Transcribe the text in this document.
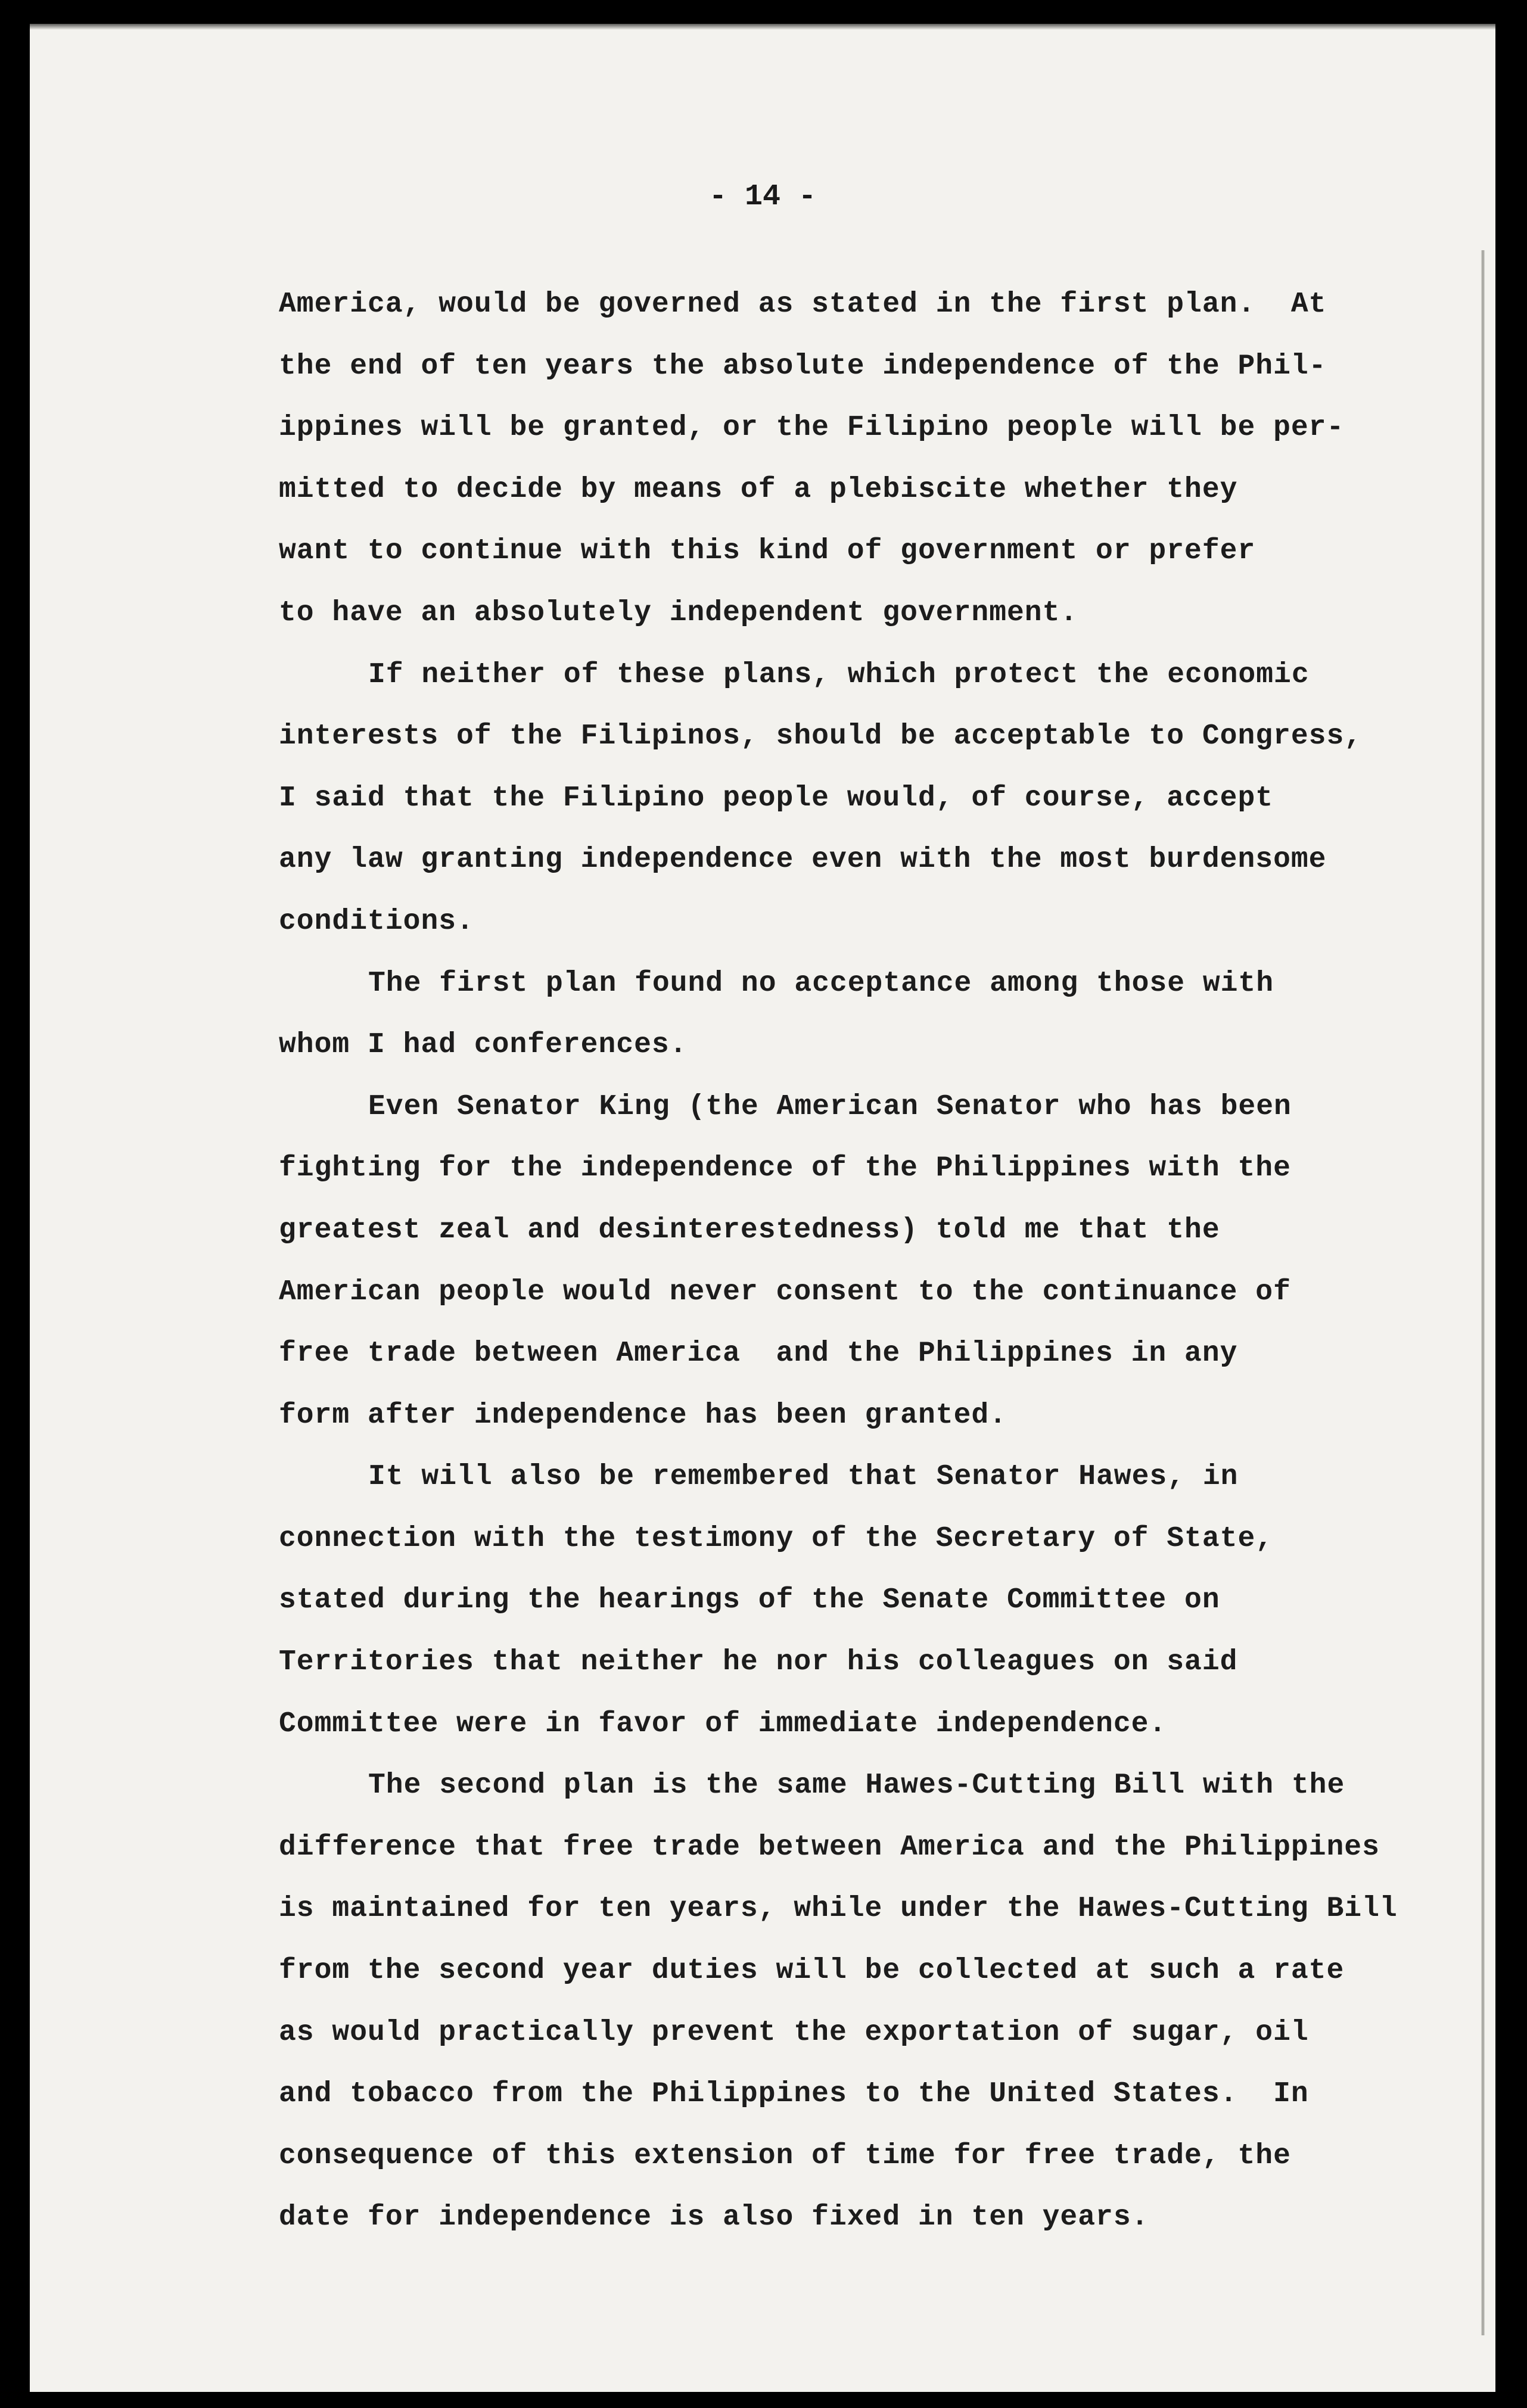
- 14 -
America, would be governed as stated in the first plan.  At
the end of ten years the absolute independence of the Phil-
ippines will be granted, or the Filipino people will be per-
mitted to decide by means of a plebiscite whether they
want to continue with this kind of government or prefer
to have an absolutely independent government.
If neither of these plans, which protect the economic
interests of the Filipinos, should be acceptable to Congress,
I said that the Filipino people would, of course, accept
any law granting independence even with the most burdensome
conditions.
The first plan found no acceptance among those with
whom I had conferences.
Even Senator King (the American Senator who has been
fighting for the independence of the Philippines with the
greatest zeal and desinterestedness) told me that the
American people would never consent to the continuance of
free trade between America  and the Philippines in any
form after independence has been granted.
It will also be remembered that Senator Hawes, in
connection with the testimony of the Secretary of State,
stated during the hearings of the Senate Committee on
Territories that neither he nor his colleagues on said
Committee were in favor of immediate independence.
The second plan is the same Hawes-Cutting Bill with the
difference that free trade between America and the Philippines
is maintained for ten years, while under the Hawes-Cutting Bill
from the second year duties will be collected at such a rate
as would practically prevent the exportation of sugar, oil
and tobacco from the Philippines to the United States.  In
consequence of this extension of time for free trade, the
date for independence is also fixed in ten years.
